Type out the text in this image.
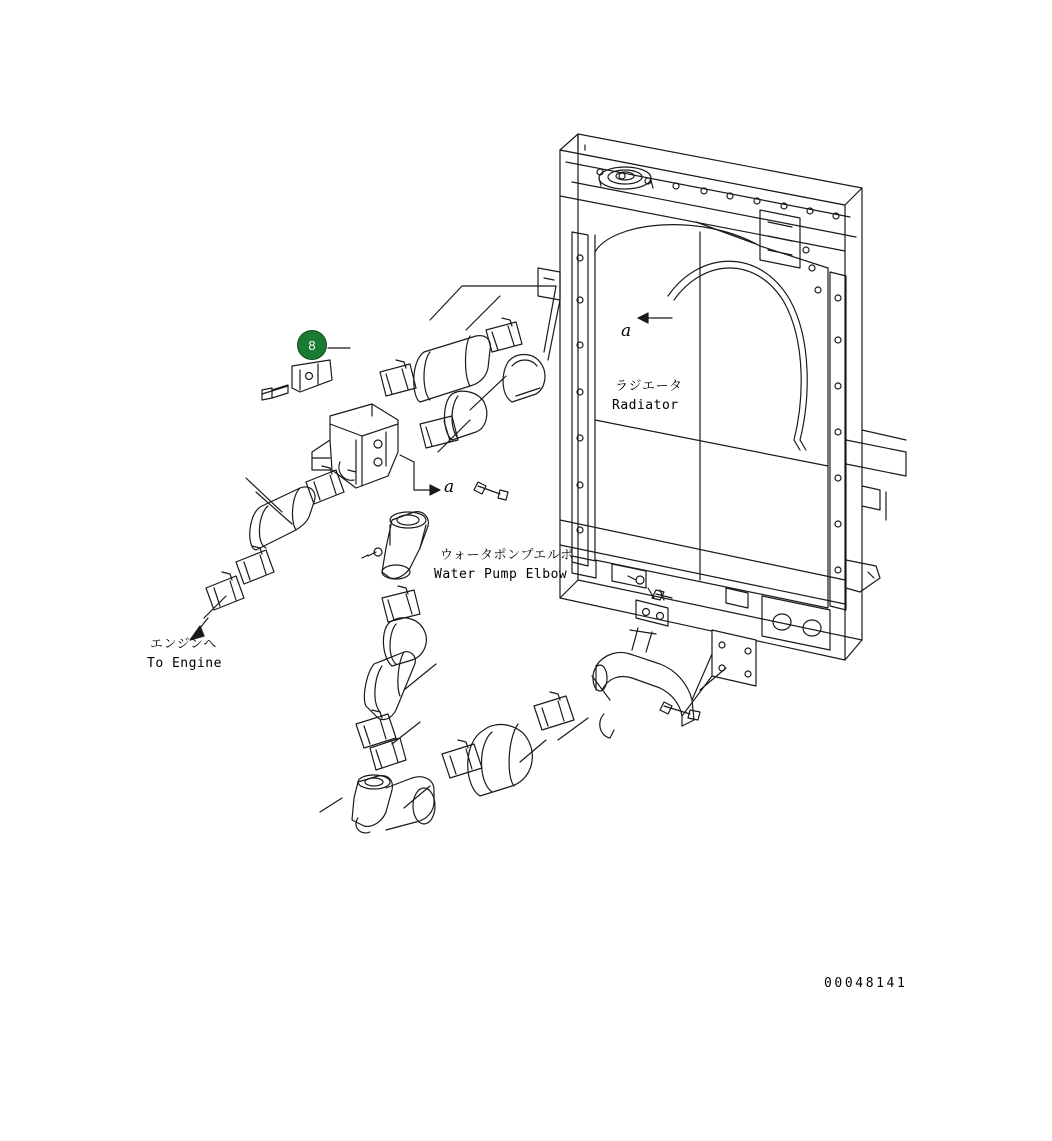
8
ラジエータ
Radiator
ウォータポンプエルボ
Water Pump Elbow
エンジンへ
To Engine
a
a
00048141
